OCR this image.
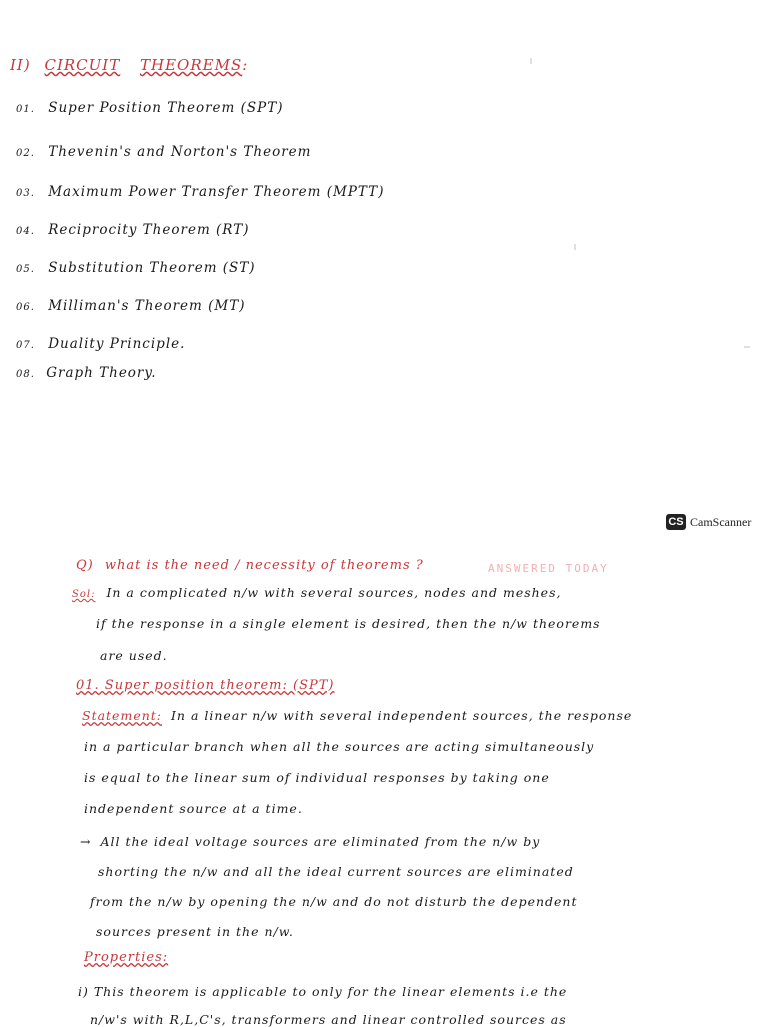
II) CIRCUIT THEOREMS:
01. Super Position Theorem (SPT)
02. Thevenin's and Norton's Theorem
03. Maximum Power Transfer Theorem (MPTT)
04. Reciprocity Theorem (RT)
05. Substitution Theorem (ST)
06. Milliman's Theorem (MT)
07. Duality Principle.
08. Graph Theory.
CS CamScanner
ANSWERED TODAY
Q) what is the need / necessity of theorems ?
Sol: In a complicated n/w with several sources, nodes and meshes,
if the response in a single element is desired, then the n/w theorems
are used.
01. Super position theorem: (SPT)
Statement: In a linear n/w with several independent sources, the response
in a particular branch when all the sources are acting simultaneously
is equal to the linear sum of individual responses by taking one
independent source at a time.
→ All the ideal voltage sources are eliminated from the n/w by
shorting the n/w and all the ideal current sources are eliminated
from the n/w by opening the n/w and do not disturb the dependent
sources present in the n/w.
Properties:
i) This theorem is applicable to only for the linear elements i.e the
n/w's with R,L,C's, transformers and linear controlled sources as
